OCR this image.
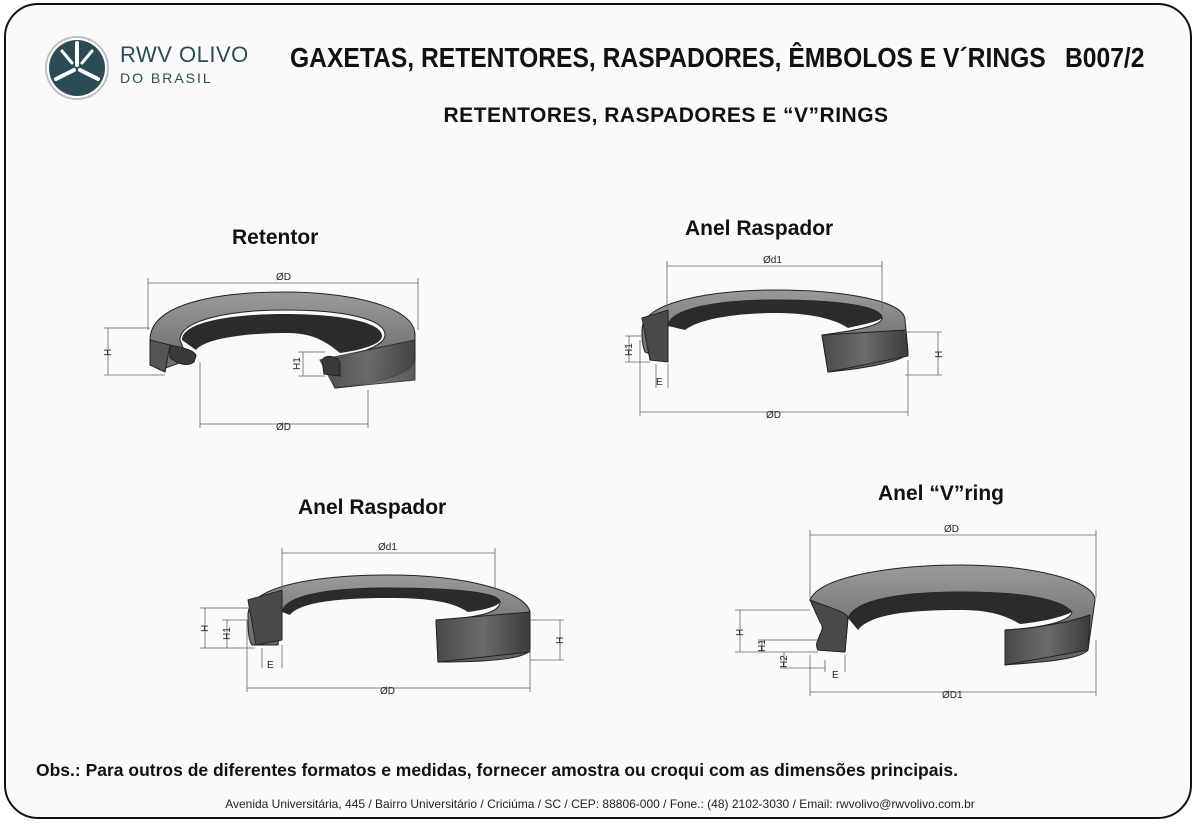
RWV OLIVO
DO BRASIL
GAXETAS, RETENTORES, RASPADORES, ÊMBOLOS E V´RINGS B007/2
RETENTORES, RASPADORES E “V”RINGS
Retentor	Anel Raspador
Anel Raspador
Anel “V”ring
ØD
ØD
H
H1
Ød1
ØD
H
H1
E
Ød1
ØD
H
H H1
E
ØD
ØD1
H
H1
H2
E
Obs.: Para outros de diferentes formatos e medidas, fornecer amostra ou croqui com as dimensões principais.
Avenida Universitária, 445 / Bairro Universitário / Criciúma / SC / CEP: 88806-000 / Fone.: (48) 2102-3030 / Email: rwvolivo@rwvolivo.com.br
